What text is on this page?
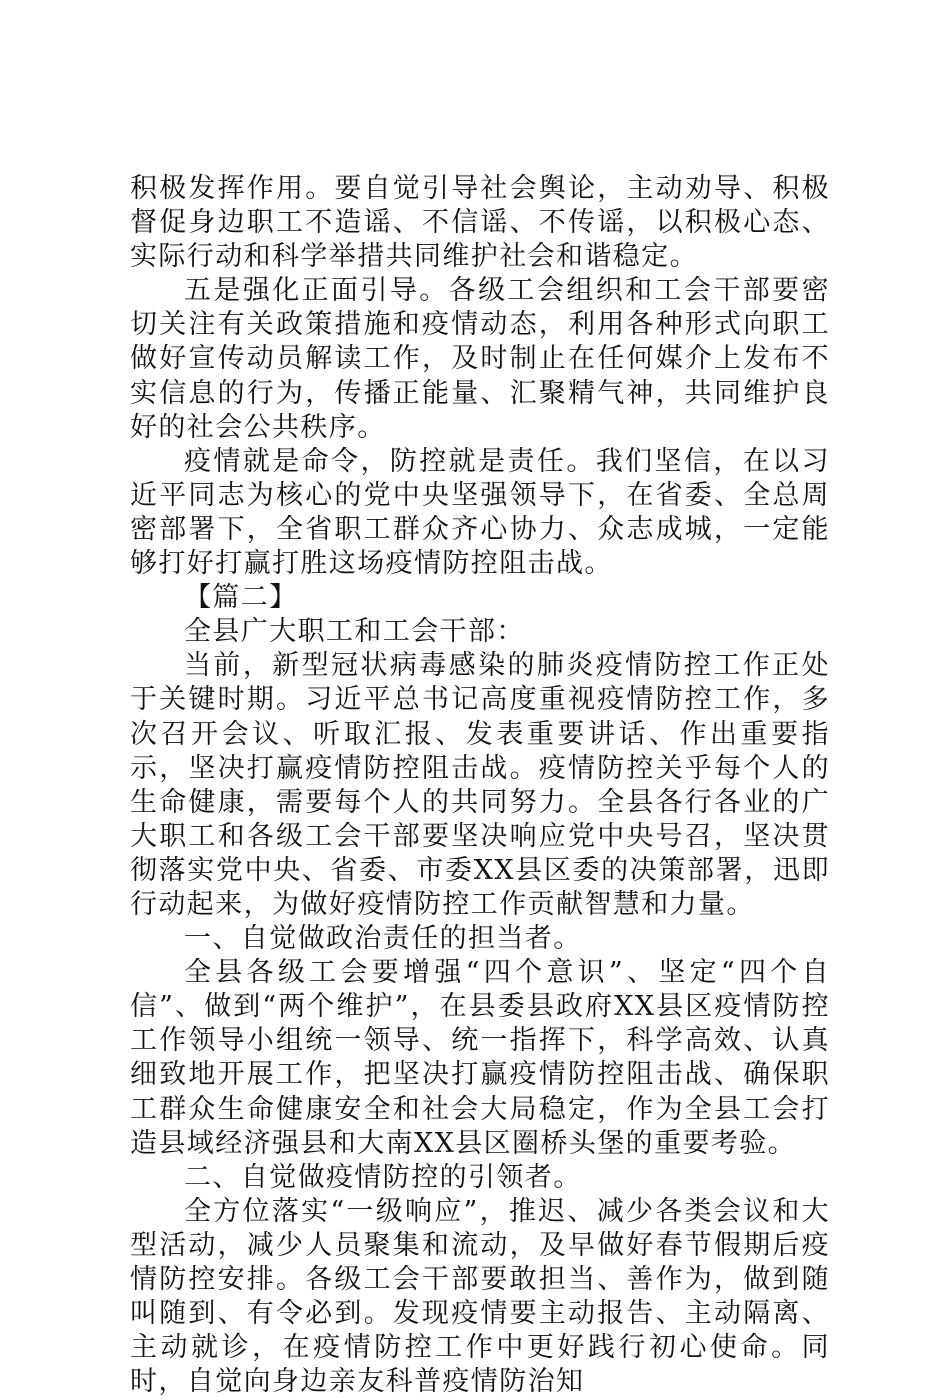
积极发挥作用。要自觉引导社会舆论，主动劝导、积极督促身边职工不造谣、不信谣、不传谣，以积极心态、实际行动和科学举措共同维护社会和谐稳定。

五是强化正面引导。各级工会组织和工会干部要密切关注有关政策措施和疫情动态，利用各种形式向职工做好宣传动员解读工作，及时制止在任何媒介上发布不实信息的行为，传播正能量、汇聚精气神，共同维护良好的社会公共秩序。

疫情就是命令，防控就是责任。我们坚信，在以习近平同志为核心的党中央坚强领导下，在省委、全总周密部署下，全省职工群众齐心协力、众志成城，一定能够打好打赢打胜这场疫情防控阻击战。

【篇二】

全县广大职工和工会干部：

当前，新型冠状病毒感染的肺炎疫情防控工作正处于关键时期。习近平总书记高度重视疫情防控工作，多次召开会议、听取汇报、发表重要讲话、作出重要指示，坚决打赢疫情防控阻击战。疫情防控关乎每个人的生命健康，需要每个人的共同努力。全县各行各业的广大职工和各级工会干部要坚决响应党中央号召，坚决贯彻落实党中央、省委、市委XX县区委的决策部署，迅即行动起来，为做好疫情防控工作贡献智慧和力量。

一、自觉做政治责任的担当者。

全县各级工会要增强“四个意识”、坚定“四个自信”、做到“两个维护”，在县委县政府XX县区疫情防控工作领导小组统一领导、统一指挥下，科学高效、认真细致地开展工作，把坚决打赢疫情防控阻击战、确保职工群众生命健康安全和社会大局稳定，作为全县工会打造县域经济强县和大南XX县区圈桥头堡的重要考验。

二、自觉做疫情防控的引领者。

全方位落实“一级响应”，推迟、减少各类会议和大型活动，减少人员聚集和流动，及早做好春节假期后疫情防控安排。各级工会干部要敢担当、善作为，做到随叫随到、有令必到。发现疫情要主动报告、主动隔离、主动就诊，在疫情防控工作中更好践行初心使命。同时，自觉向身边亲友科普疫情防治知
